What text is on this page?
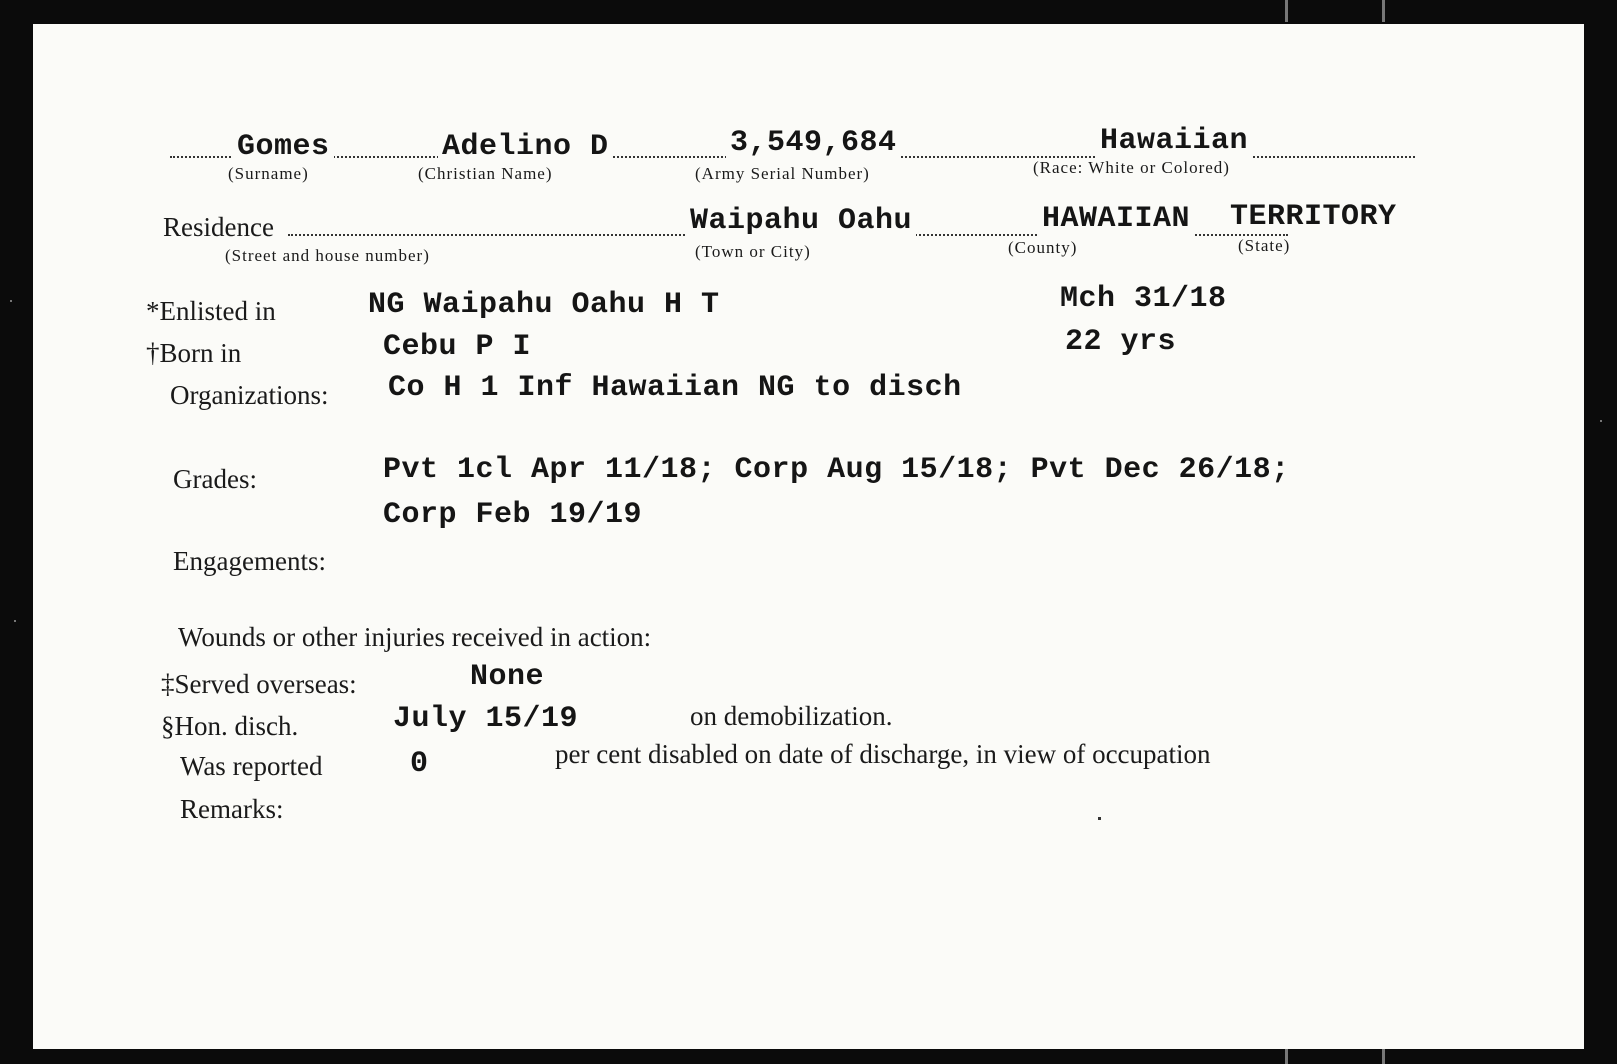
Gomes
(Surname)
Adelino D
(Christian Name)
3,549,684
(Army Serial Number)
Hawaiian
(Race: White or Colored)
Residence
(Street and house number)
Waipahu Oahu
(Town or City)
HAWAIIAN
(County)
TERRITORY
(State)
*Enlisted in	NG Waipahu Oahu H T	Mch 31/18
†Born in	Cebu P I	22 yrs
Organizations: Co H 1 Inf Hawaiian NG to disch
Grades:	Pvt 1cl Apr 11/18; Corp Aug 15/18; Pvt Dec 26/18;
Corp Feb 19/19
Engagements:
Wounds or other injuries received in action:
‡Served overseas:	None
§Hon. disch.	July 15/19	on demobilization.
Was reported	0	per cent disabled on date of discharge, in view of occupation
Remarks:
